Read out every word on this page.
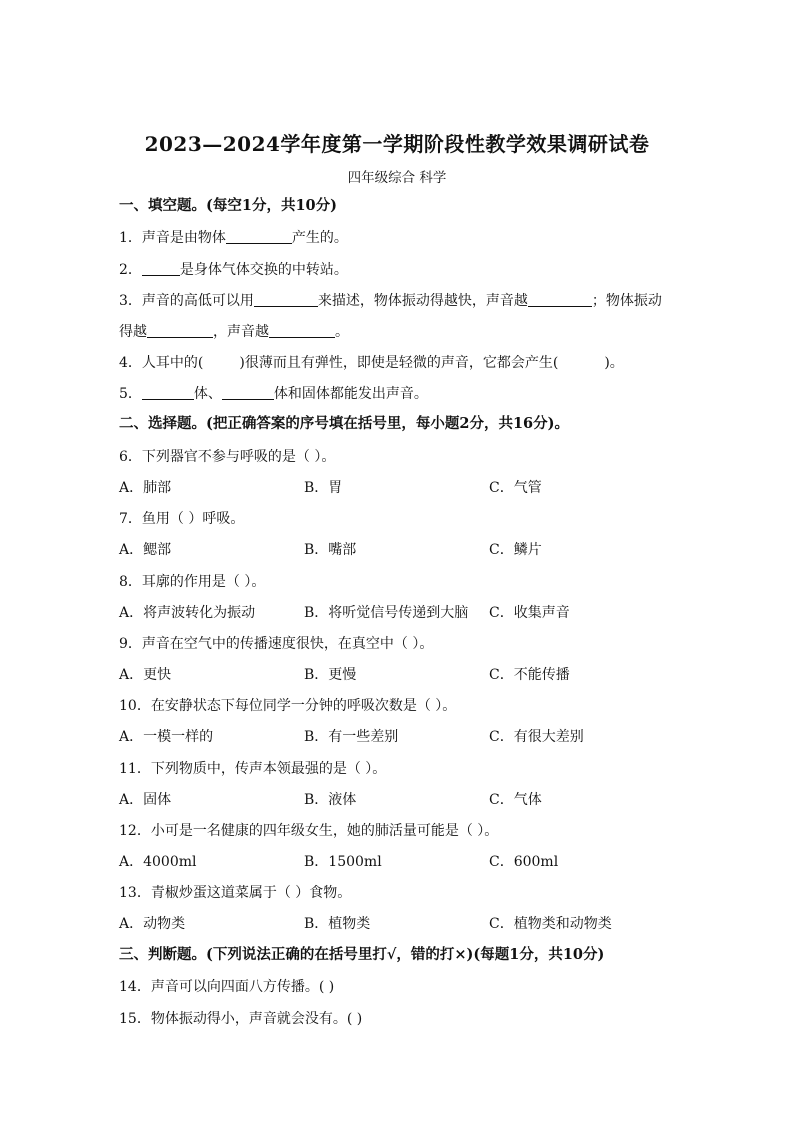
2023—2024学年度第一学期阶段性教学效果调研试卷
四年级综合 科学
一、填空题。(每空1分，共10分)
1．声音是由物体	产生的。
2．	是身体气体交换的中转站。
3．声音的高低可以用	来描述，物体振动得越快，声音越	；物体振动
得越	，声音越	。
4．人耳中的(	)很薄而且有弹性，即使是轻微的声音，它都会产生(	)。
5．	体、	体和固体都能发出声音。
二、选择题。(把正确答案的序号填在括号里，每小题2分，共16分)。
6．下列器官不参与呼吸的是（ ）。
A．肺部	B．胃	C．气管
7．鱼用（ ）呼吸。
A．鳃部	B．嘴部	C．鳞片
8．耳廓的作用是（ ）。
A．将声波转化为振动	B．将听觉信号传递到大脑 C．收集声音
9．声音在空气中的传播速度很快，在真空中（ ）。
A．更快	B．更慢	C．不能传播
10．在安静状态下每位同学一分钟的呼吸次数是（ ）。
A．一模一样的	B．有一些差别	C．有很大差别
11．下列物质中，传声本领最强的是（ ）。
A．固体	B．液体	C．气体
12．小可是一名健康的四年级女生，她的肺活量可能是（ ）。
A．4000ml	B．1500ml	C．600ml
13．青椒炒蛋这道菜属于（ ）食物。
A．动物类	B．植物类	C．植物类和动物类
三、判断题。(下列说法正确的在括号里打√，错的打×)(每题1分，共10分)
14．声音可以向四面八方传播。( )
15．物体振动得小，声音就会没有。( )
